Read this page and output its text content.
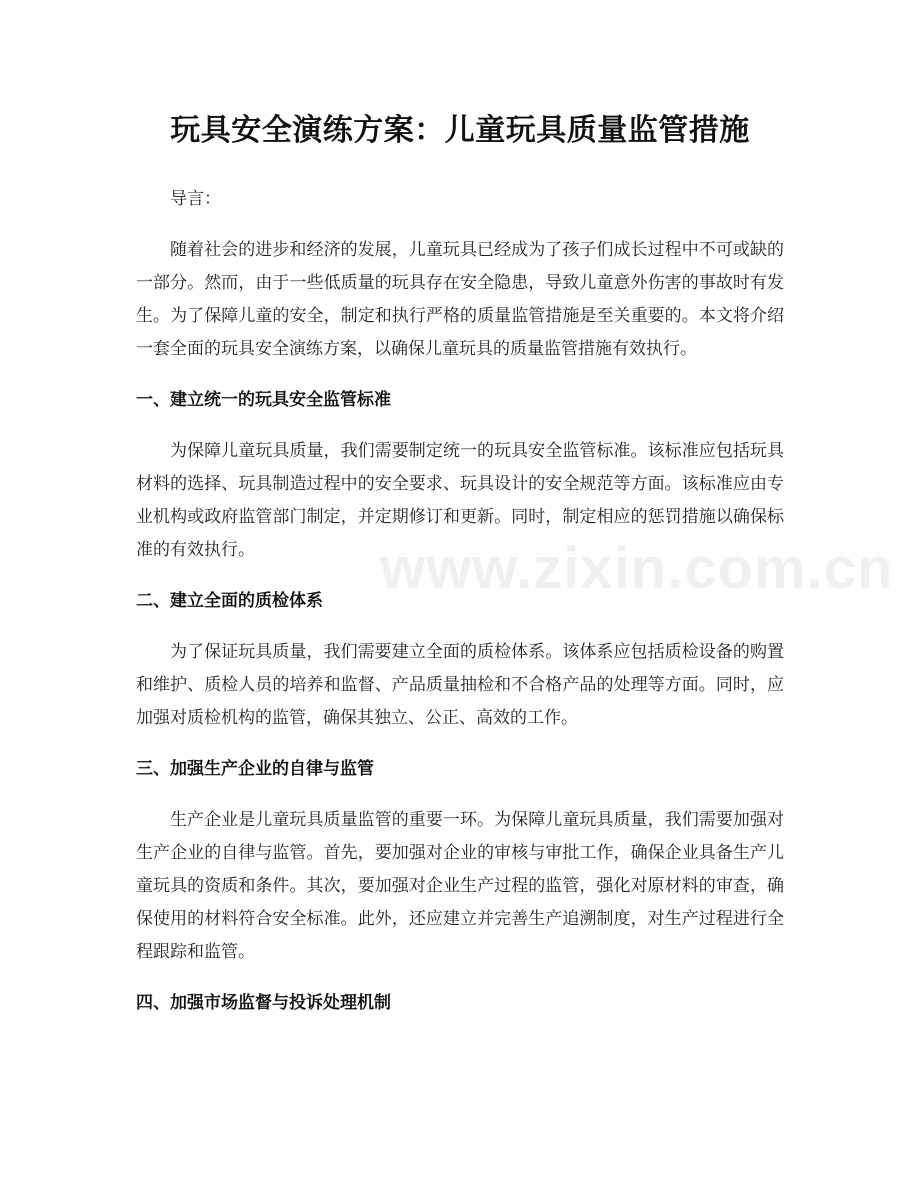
玩具安全演练方案：儿童玩具质量监管措施

导言：

随着社会的进步和经济的发展，儿童玩具已经成为了孩子们成长过程中不可或缺的一部分。然而，由于一些低质量的玩具存在安全隐患，导致儿童意外伤害的事故时有发生。为了保障儿童的安全，制定和执行严格的质量监管措施是至关重要的。本文将介绍一套全面的玩具安全演练方案，以确保儿童玩具的质量监管措施有效执行。

一、建立统一的玩具安全监管标准

为保障儿童玩具质量，我们需要制定统一的玩具安全监管标准。该标准应包括玩具材料的选择、玩具制造过程中的安全要求、玩具设计的安全规范等方面。该标准应由专业机构或政府监管部门制定，并定期修订和更新。同时，制定相应的惩罚措施以确保标准的有效执行。

二、建立全面的质检体系

为了保证玩具质量，我们需要建立全面的质检体系。该体系应包括质检设备的购置和维护、质检人员的培养和监督、产品质量抽检和不合格产品的处理等方面。同时，应加强对质检机构的监管，确保其独立、公正、高效的工作。

三、加强生产企业的自律与监管

生产企业是儿童玩具质量监管的重要一环。为保障儿童玩具质量，我们需要加强对生产企业的自律与监管。首先，要加强对企业的审核与审批工作，确保企业具备生产儿童玩具的资质和条件。其次，要加强对企业生产过程的监管，强化对原材料的审查，确保使用的材料符合安全标准。此外，还应建立并完善生产追溯制度，对生产过程进行全程跟踪和监管。

四、加强市场监督与投诉处理机制
www.zixin.com.cn
